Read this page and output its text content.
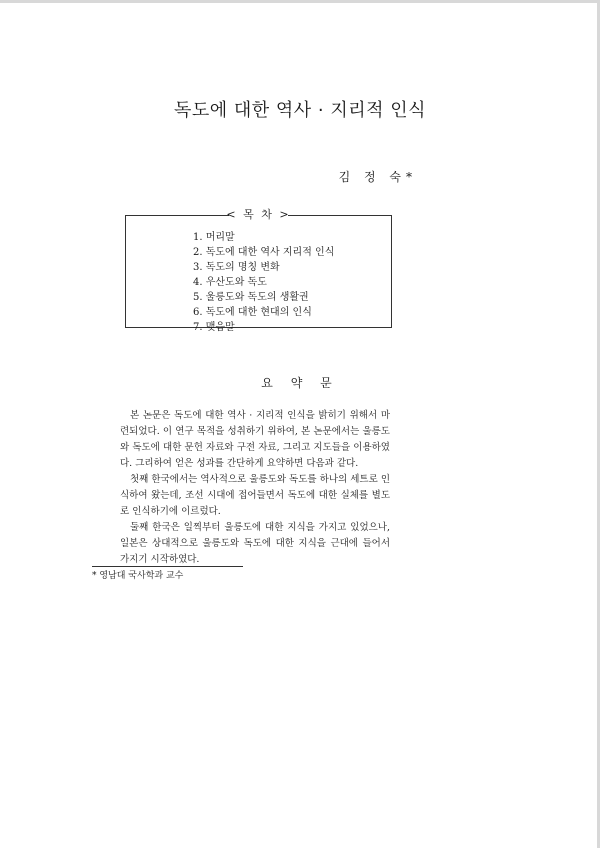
독도에 대한 역사 · 지리적 인식
김 정 숙*
< 목 차 >
1. 머리말
2. 독도에 대한 역사 지리적 인식
3. 독도의 명칭 변화
4. 우산도와 독도
5. 울릉도와 독도의 생활권
6. 독도에 대한 현대의 인식
7. 맺음말
요 약 문

본 논문은 독도에 대한 역사 · 지리적 인식을 밝히기 위해서 마련되었다. 이 연구 목적을 성취하기 위하여, 본 논문에서는 울릉도와 독도에 대한 문헌 자료와 구전 자료, 그리고 지도들을 이용하였다. 그리하여 얻은 성과를 간단하게 요약하면 다음과 같다.

첫째 한국에서는 역사적으로 울릉도와 독도를 하나의 세트로 인식하여 왔는데, 조선 시대에 접어들면서 독도에 대한 실체를 별도로 인식하기에 이르렀다.

둘째 한국은 일찍부터 울릉도에 대한 지식을 가지고 있었으나, 일본은 상대적으로 울릉도와 독도에 대한 지식을 근대에 들어서 가지기 시작하였다.

* 영남대 국사학과 교수
